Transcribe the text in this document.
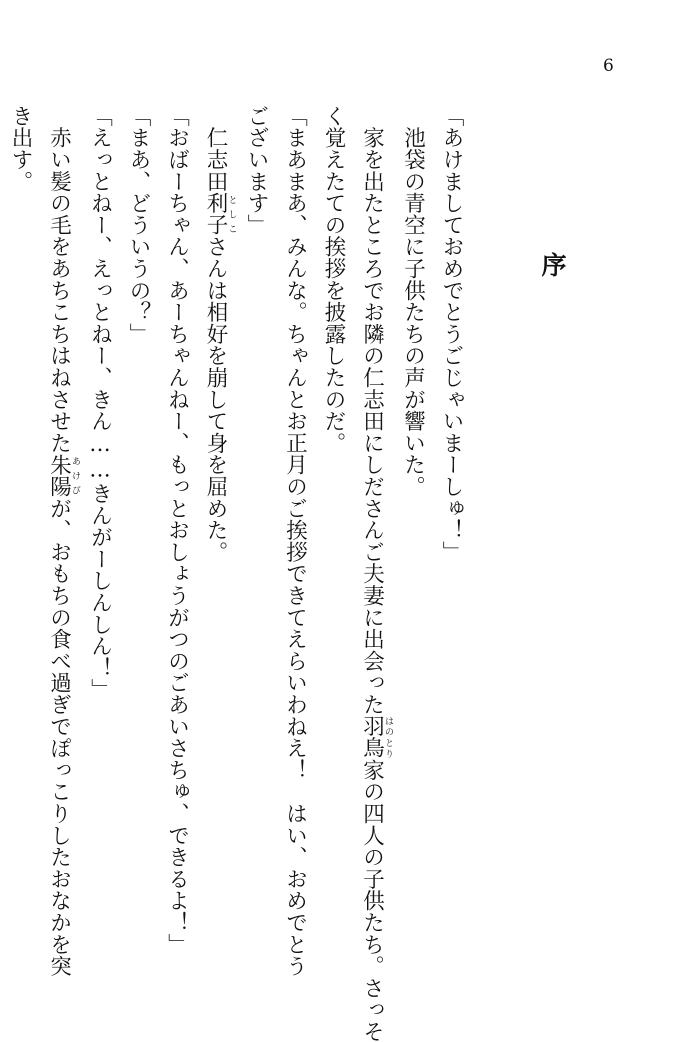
6
序
「あけましておめでとうごじゃいまーしゅ！」
　池袋の青空に子供たちの声が響いた。
　家を出たところでお隣の仁志田にしださんご夫妻に出会った羽鳥はのとり家の四人の子供たち。さっそ
く覚えたての挨拶を披露したのだ。
「まあまあ、みんな。ちゃんとお正月のご挨拶できてえらいわねえ！　はい、おめでとう
ございます」
　仁志田利子としこさんは相好を崩して身を屈めた。
「おばーちゃん、あーちゃんねー、もっとおしょうがつのごあいさちゅ、できるよ！」
「まあ、どういうの？」
「えっとねー、えっとねー、きん……きんがーしんしん！」
　赤い髪の毛をあちこちはねさせた朱陽あけびが、おもちの食べ過ぎでぽっこりしたおなかを突
き出す。
